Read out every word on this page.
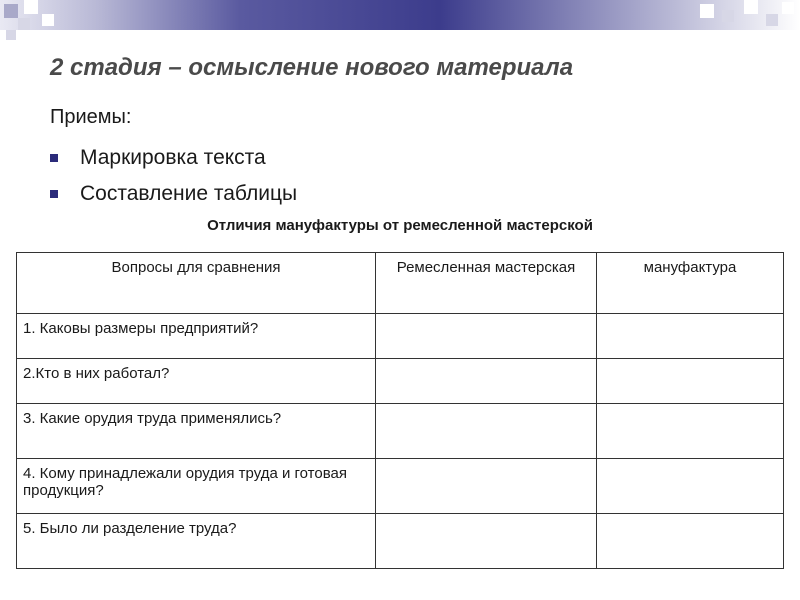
2 стадия – осмысление нового материала
Приемы:
Маркировка текста
Составление таблицы
Отличия мануфактуры от ремесленной мастерской
Вопросы для сравнения	Ремесленная мастерская	мануфактура
1. Каковы размеры предприятий?		
2.Кто в них работал?		
3. Какие орудия труда применялись?		
4. Кому принадлежали орудия труда и готовая продукция?		
5. Было ли разделение труда?		
